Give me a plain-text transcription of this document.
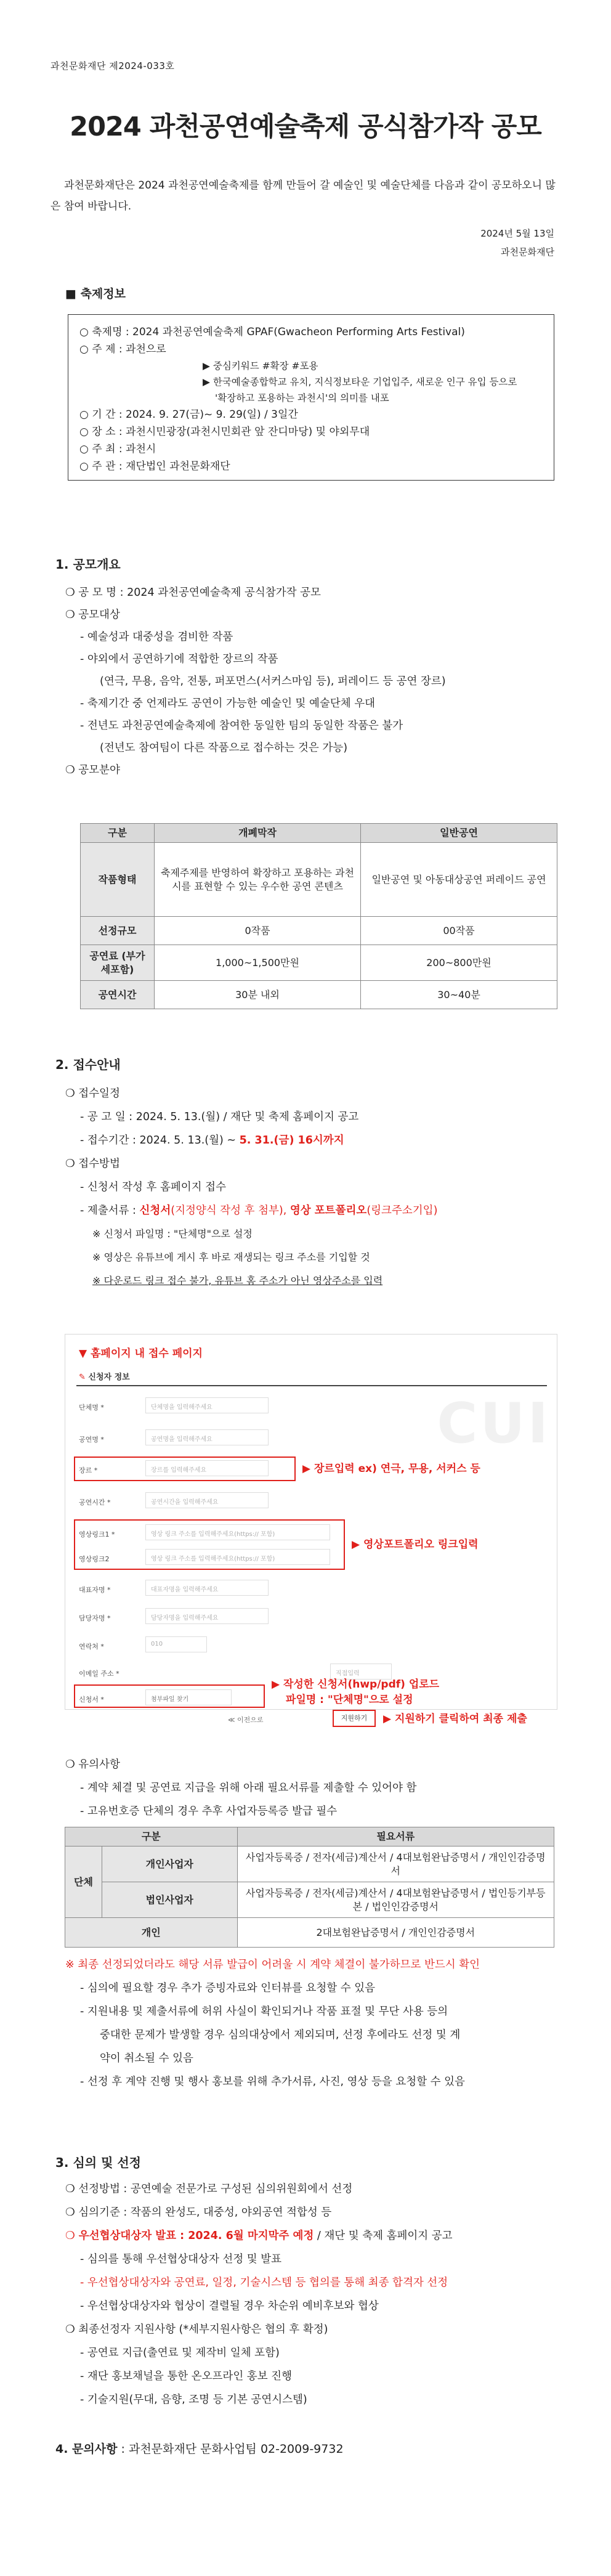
과천문화재단 제2024-033호
2024 과천공연예술축제 공식참가작 공모
과천문화재단은 2024 과천공연예술축제를 함께 만들어 갈 예술인 및 예술단체를 다음과 같이 공모하오니 많은 참여 바랍니다.
2024년 5월 13일
과천문화재단
■ 축제정보
○ 축제명 : 2024 과천공연예술축제 GPAF(Gwacheon Performing Arts Festival)
○ 주 제 : 과천으로
▶ 중심키워드 #확장 #포용
▶ 한국예술종합학교 유치, 지식정보타운 기업입주, 새로운 인구 유입 등으로
'확장하고 포용하는 과천시'의 의미를 내포
○ 기 간 : 2024. 9. 27(금)~ 9. 29(일) / 3일간
○ 장 소 : 과천시민광장(과천시민회관 앞 잔디마당) 및 야외무대
○ 주 최 : 과천시
○ 주 관 : 재단법인 과천문화재단
1. 공모개요
❍ 공 모 명 : 2024 과천공연예술축제 공식참가작 공모
❍ 공모대상
- 예술성과 대중성을 겸비한 작품
- 야외에서 공연하기에 적합한 장르의 작품
(연극, 무용, 음악, 전통, 퍼포먼스(서커스마임 등), 퍼레이드 등 공연 장르)
- 축제기간 중 언제라도 공연이 가능한 예술인 및 예술단체 우대
- 전년도 과천공연예술축제에 참여한 동일한 팀의 동일한 작품은 불가
(전년도 참여팀이 다른 작품으로 접수하는 것은 가능)
❍ 공모분야
구분	개폐막작	일반공연
작품형태	축제주제를 반영하여 확장하고 포용하는 과천시를 표현할 수 있는 우수한 공연 콘텐츠	일반공연 및 아동대상공연 퍼레이드 공연
선정규모	0작품	00작품
공연료 (부가세포함)	1,000~1,500만원	200~800만원
공연시간	30분 내외	30~40분
2. 접수안내
❍ 접수일정
- 공 고 일 : 2024. 5. 13.(월) / 재단 및 축제 홈페이지 공고
- 접수기간 : 2024. 5. 13.(월) ~ 5. 31.(금) 16시까지
❍ 접수방법
- 신청서 작성 후 홈페이지 접수
- 제출서류 : 신청서(지정양식 작성 후 첨부), 영상 포트폴리오(링크주소기입)
※ 신청서 파일명 : "단체명"으로 설정
※ 영상은 유튜브에 게시 후 바로 재생되는 링크 주소를 기입할 것
※ 다운로드 링크 접수 불가, 유튜브 홈 주소가 아닌 영상주소를 입력
CUI
▼ 홈페이지 내 접수 페이지
✎ 신청자 정보
단체명 *	단체명을 입력해주세요
공연명 *	공연명을 입력해주세요
장르 *	장르를 입력해주세요
공연시간 *	공연시간을 입력해주세요
영상링크1 *	영상 링크 주소를 입력해주세요(https:// 포함)
영상링크2	영상 링크 주소를 입력해주세요(https:// 포함)
대표자명 *	대표자명을 입력해주세요
담당자명 *	담당자명을 입력해주세요
연락처 *	010
이메일 주소 *	직접입력
신청서 *	첨부파일 찾기
▶ 장르입력 ex) 연극, 무용, 서커스 등
▶ 영상포트폴리오 링크입력
▶ 작성한 신청서(hwp/pdf) 업로드
파일명 : "단체명"으로 설정
≪ 이전으로	지원하기	▶ 지원하기 클릭하여 최종 제출
❍ 유의사항
- 계약 체결 및 공연료 지급을 위해 아래 필요서류를 제출할 수 있어야 함
- 고유번호증 단체의 경우 추후 사업자등록증 발급 필수
구분		필요서류
단체	개인사업자	사업자등록증 / 전자(세금)계산서 / 4대보험완납증명서 / 개인인감증명서
	법인사업자	사업자등록증 / 전자(세금)계산서 / 4대보험완납증명서 / 법인등기부등본 / 법인인감증명서
개인		2대보험완납증명서 / 개인인감증명서
※ 최종 선정되었더라도 해당 서류 발급이 어려울 시 계약 체결이 불가하므로 반드시 확인
- 심의에 필요할 경우 추가 증빙자료와 인터뷰를 요청할 수 있음
- 지원내용 및 제출서류에 허위 사실이 확인되거나 작품 표절 및 무단 사용 등의
중대한 문제가 발생할 경우 심의대상에서 제외되며, 선정 후에라도 선정 및 계
약이 취소될 수 있음
- 선정 후 계약 진행 및 행사 홍보를 위해 추가서류, 사진, 영상 등을 요청할 수 있음
3. 심의 및 선정
❍ 선정방법 : 공연예술 전문가로 구성된 심의위원회에서 선정
❍ 심의기준 : 작품의 완성도, 대중성, 야외공연 적합성 등
❍ 우선협상대상자 발표 : 2024. 6월 마지막주 예정 / 재단 및 축제 홈페이지 공고
- 심의를 통해 우선협상대상자 선정 및 발표
- 우선협상대상자와 공연료, 일정, 기술시스템 등 협의를 통해 최종 합격자 선정
- 우선협상대상자와 협상이 결렬될 경우 차순위 예비후보와 협상
❍ 최종선정자 지원사항 (*세부지원사항은 협의 후 확정)
- 공연료 지급(출연료 및 제작비 일체 포함)
- 재단 홍보채널을 통한 온오프라인 홍보 진행
- 기술지원(무대, 음향, 조명 등 기본 공연시스템)
4. 문의사항 : 과천문화재단 문화사업팀 02-2009-9732
